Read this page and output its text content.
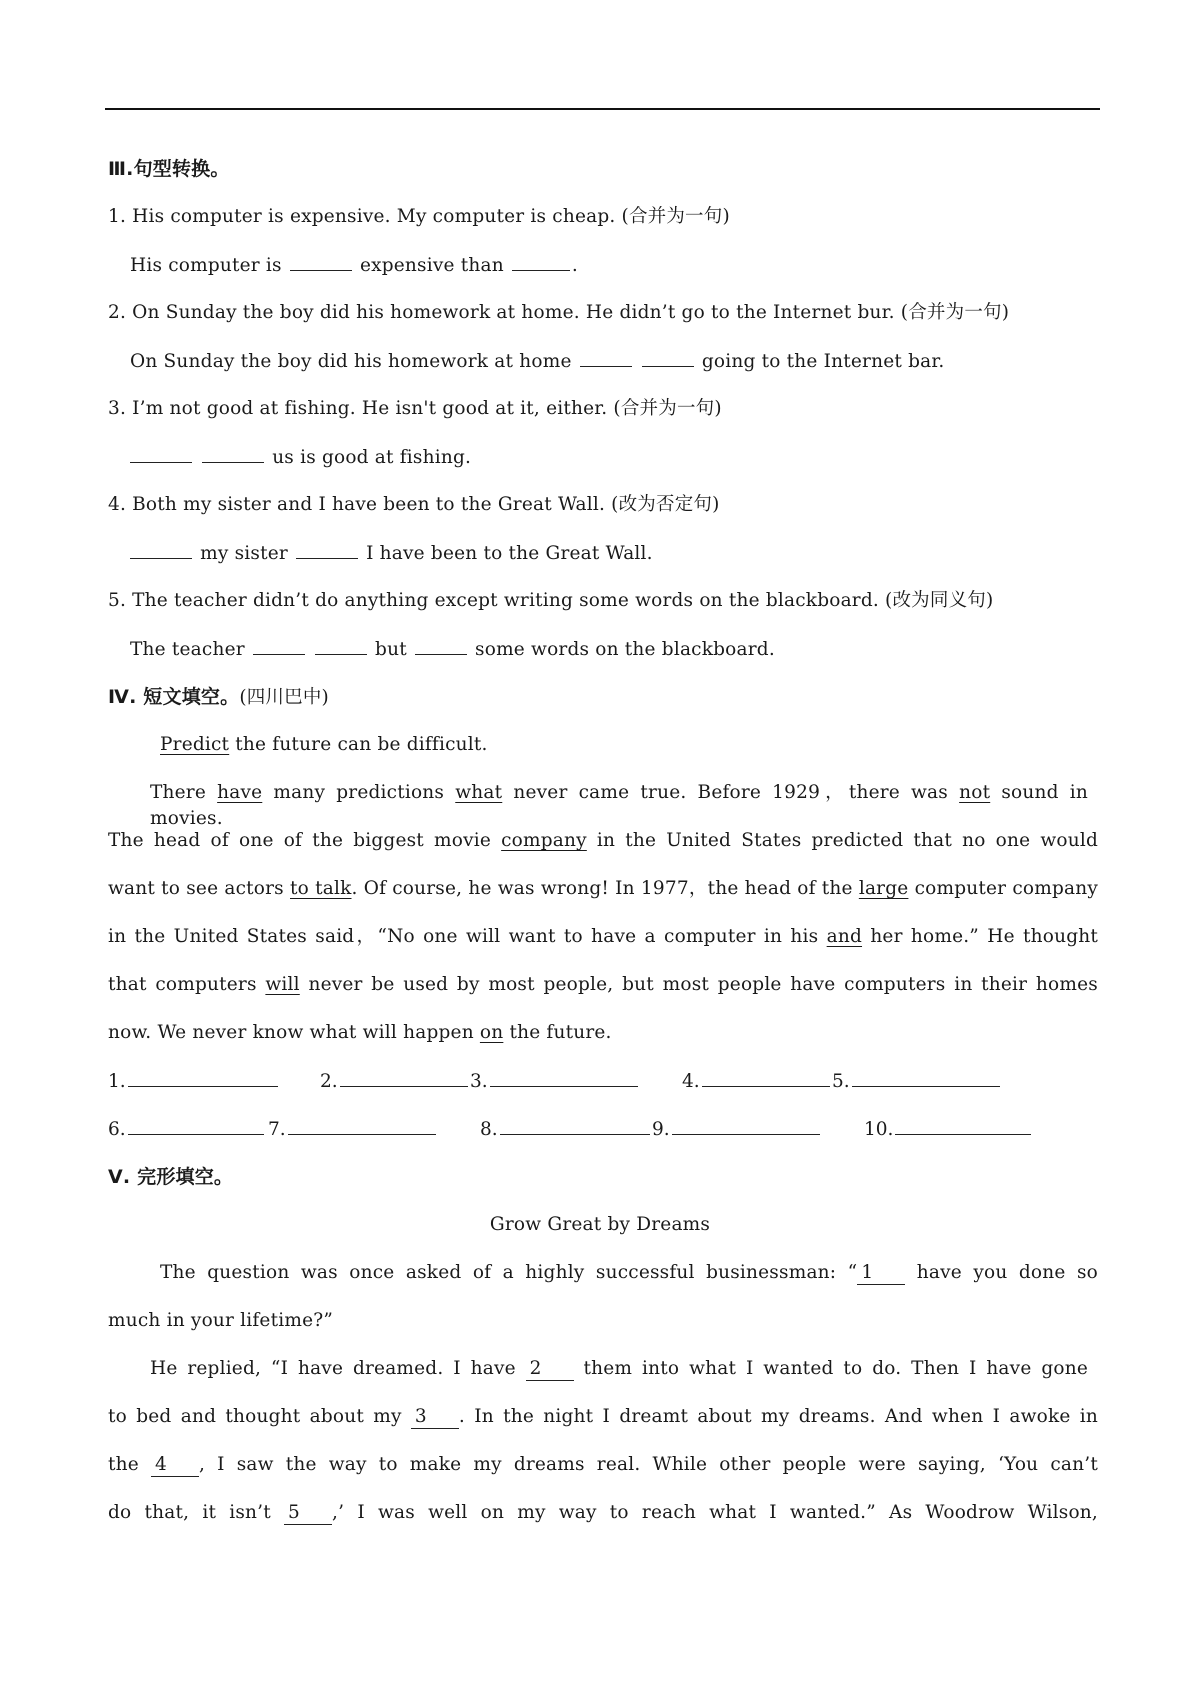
Ⅲ.句型转换。
1. His computer is expensive. My computer is cheap. (合并为一句)
His computer is	expensive than	.
2. On Sunday the boy did his homework at home. He didn’t go to the Internet bur. (合并为一句)
On Sunday the boy did his homework at home	going to the Internet bar.
3. I’m not good at fishing. He isn't good at it, either. (合并为一句)
us is good at fishing.
4. Both my sister and I have been to the Great Wall. (改为否定句)
my sister	I have been to the Great Wall.
5. The teacher didn’t do anything except writing some words on the blackboard. (改为同义句)
The teacher	but	some words on the blackboard.
Ⅳ. 短文填空。(四川巴中)
Predict the future can be difficult.
There have many predictions what never came true. Before 1929，there was not sound in movies.
The head of one of the biggest movie company in the United States predicted that no one would
want to see actors to talk. Of course, he was wrong! In 1977，the head of the large computer company
in the United States said，“No one will want to have a computer in his and her home.” He thought
that computers will never be used by most people, but most people have computers in their homes
now. We never know what will happen on the future.
1.	2.	3.	4.	5.
6.	7.	8.	9.	10.
Ⅴ. 完形填空。
Grow Great by Dreams
The question was once asked of a highly successful businessman: “ 1 have you done so
much in your lifetime?”
He replied, “I have dreamed. I have 2 them into what I wanted to do. Then I have gone
to bed and thought about my 3 . In the night I dreamt about my dreams. And when I awoke in
the 4 , I saw the way to make my dreams real. While other people were saying, ‘You can’t
do that, it isn’t 5 ,’ I was well on my way to reach what I wanted.” As Woodrow Wilson,
